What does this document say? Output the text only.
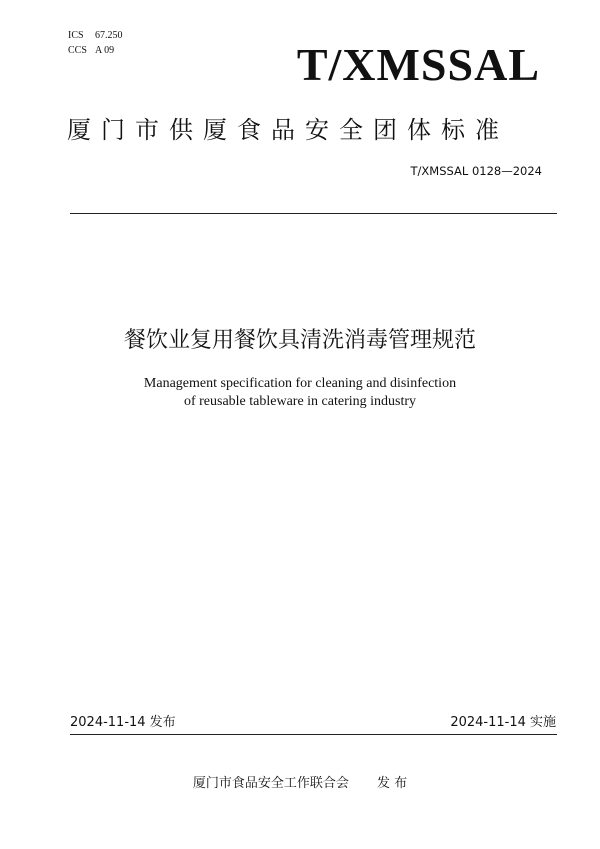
ICS 67.250
CCS A 09	T/XMSSAL
厦门市供厦食品安全团体标准
T/XMSSAL 0128—2024
餐饮业复用餐饮具清洗消毒管理规范
Management specification for cleaning and disinfection
of reusable tableware in catering industry
2024-11-14 发布	2024-11-14 实施
厦门市食品安全工作联合会 发 布
